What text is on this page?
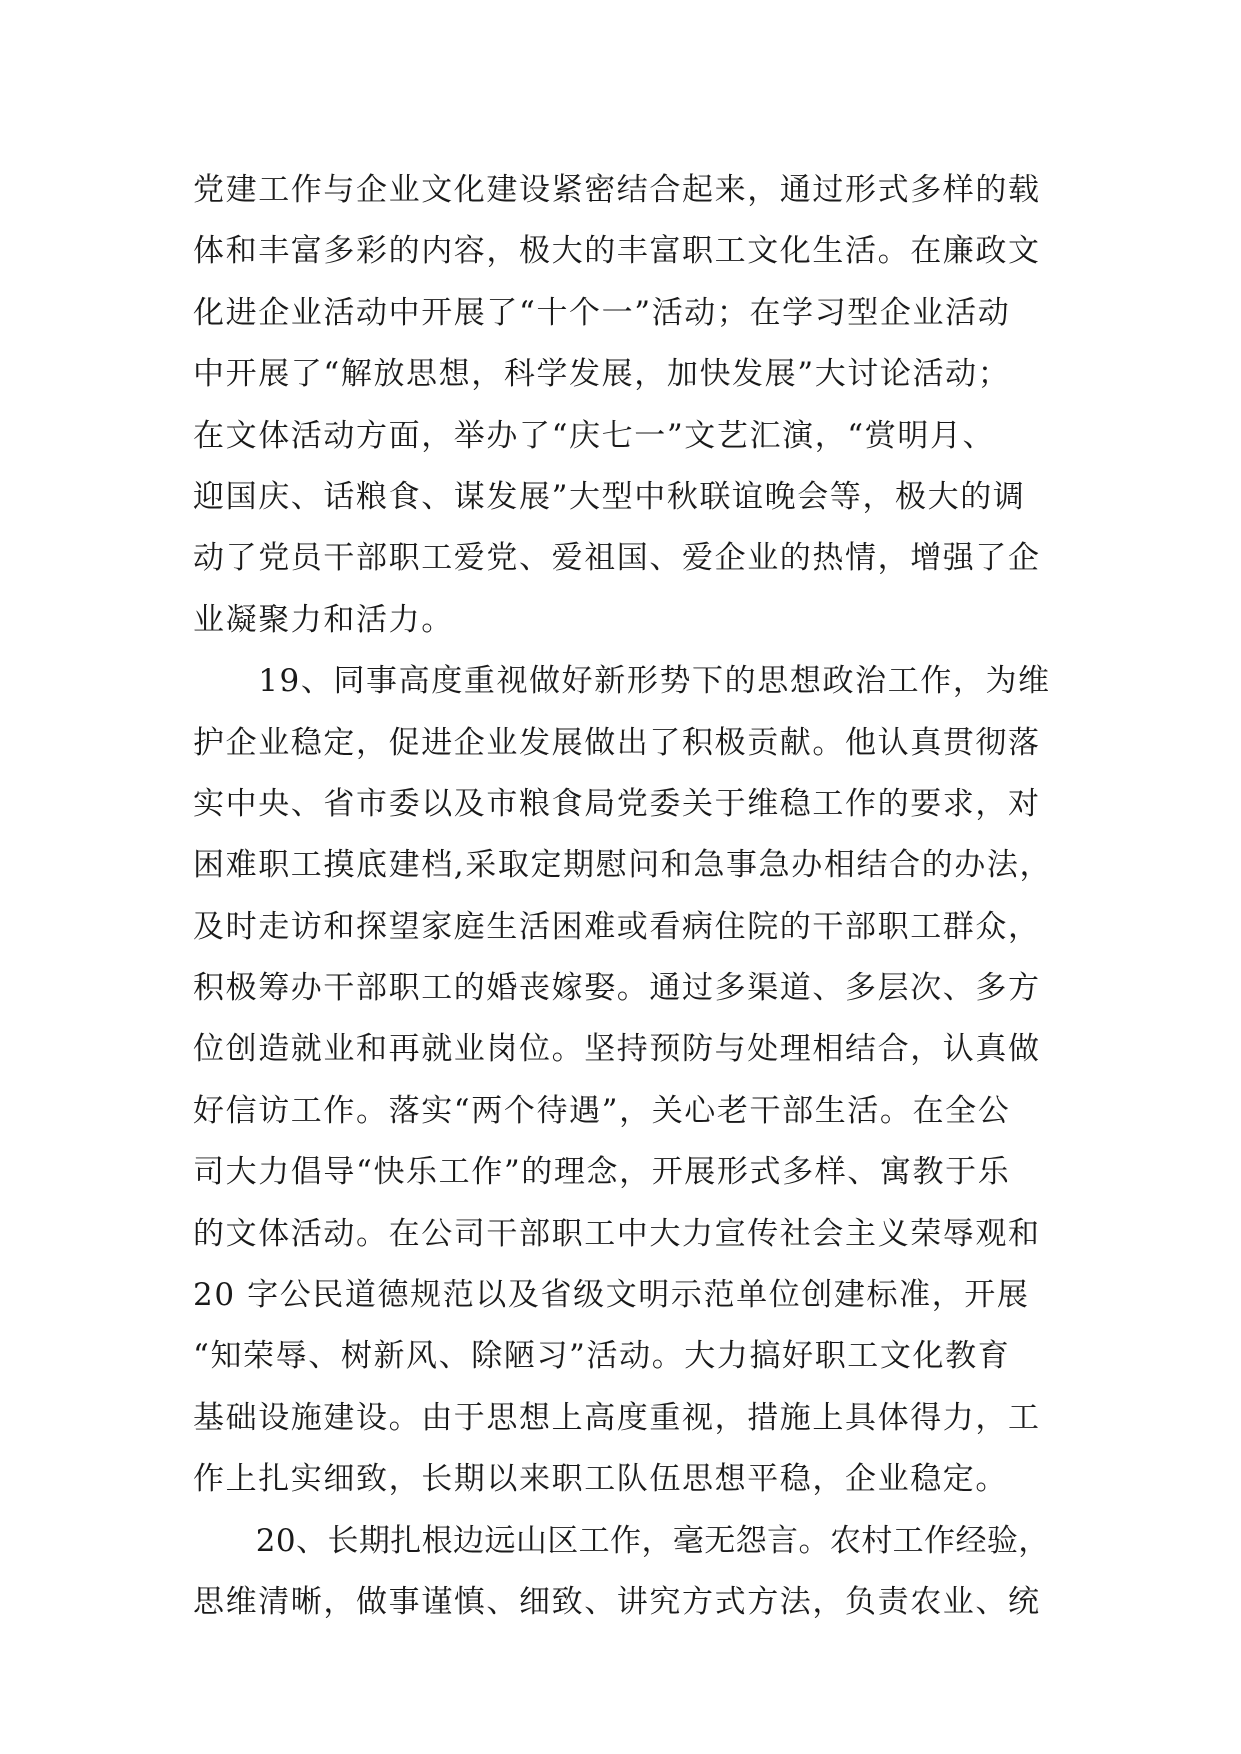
党建工作与企业文化建设紧密结合起来，通过形式多样的载
体和丰富多彩的内容，极大的丰富职工文化生活。在廉政文
化进企业活动中开展了“十个一”活动；在学习型企业活动
中开展了“解放思想，科学发展，加快发展”大讨论活动；
在文体活动方面，举办了“庆七一”文艺汇演，“赏明月、
迎国庆、话粮食、谋发展”大型中秋联谊晚会等，极大的调
动了党员干部职工爱党、爱祖国、爱企业的热情，增强了企
业凝聚力和活力。
　　19、同事高度重视做好新形势下的思想政治工作，为维
护企业稳定，促进企业发展做出了积极贡献。他认真贯彻落
实中央、省市委以及市粮食局党委关于维稳工作的要求，对
困难职工摸底建档,采取定期慰问和急事急办相结合的办法，
及时走访和探望家庭生活困难或看病住院的干部职工群众，
积极筹办干部职工的婚丧嫁娶。通过多渠道、多层次、多方
位创造就业和再就业岗位。坚持预防与处理相结合，认真做
好信访工作。落实“两个待遇”，关心老干部生活。在全公
司大力倡导“快乐工作”的理念，开展形式多样、寓教于乐
的文体活动。在公司干部职工中大力宣传社会主义荣辱观和
20 字公民道德规范以及省级文明示范单位创建标准，开展
“知荣辱、树新风、除陋习”活动。大力搞好职工文化教育
基础设施建设。由于思想上高度重视，措施上具体得力，工
作上扎实细致，长期以来职工队伍思想平稳，企业稳定。
　　20、长期扎根边远山区工作，毫无怨言。农村工作经验，
思维清晰，做事谨慎、细致、讲究方式方法，负责农业、统
